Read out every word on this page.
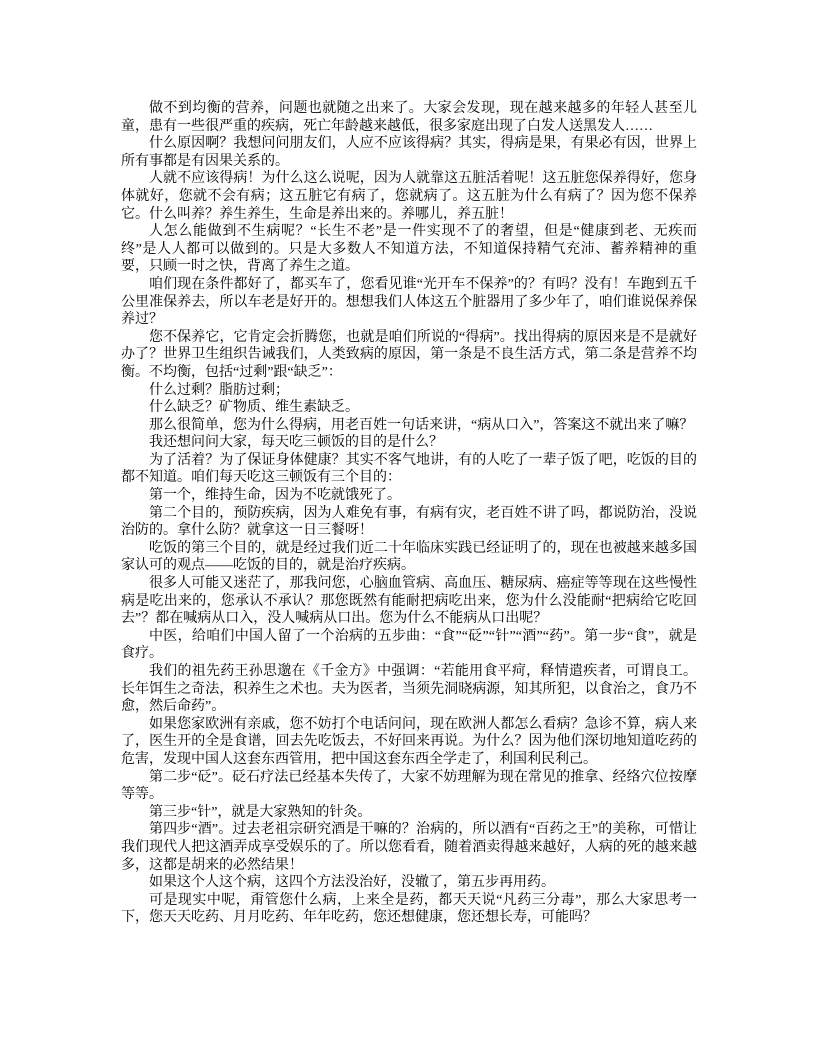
做不到均衡的营养，问题也就随之出来了。大家会发现，现在越来越多的年轻人甚至儿童，患有一些很严重的疾病，死亡年龄越来越低，很多家庭出现了白发人送黑发人……

什么原因啊？我想问问朋友们，人应不应该得病？其实，得病是果，有果必有因，世界上所有事都是有因果关系的。

人就不应该得病！为什么这么说呢，因为人就靠这五脏活着呢！这五脏您保养得好，您身体就好，您就不会有病；这五脏它有病了，您就病了。这五脏为什么有病了？因为您不保养它。什么叫养？养生养生，生命是养出来的。养哪儿，养五脏！

人怎么能做到不生病呢？“长生不老”是一件实现不了的奢望，但是“健康到老、无疾而终”是人人都可以做到的。只是大多数人不知道方法，不知道保持精气充沛、蓄养精神的重要，只顾一时之快，背离了养生之道。

咱们现在条件都好了，都买车了，您看见谁“光开车不保养”的？有吗？没有！车跑到五千公里准保养去，所以车老是好开的。想想我们人体这五个脏器用了多少年了，咱们谁说保养保养过？

您不保养它，它肯定会折腾您，也就是咱们所说的“得病”。找出得病的原因来是不是就好办了？世界卫生组织告诫我们，人类致病的原因，第一条是不良生活方式，第二条是营养不均衡。不均衡，包括“过剩”跟“缺乏”：

什么过剩？脂肪过剩；

什么缺乏？矿物质、维生素缺乏。

那么很简单，您为什么得病，用老百姓一句话来讲，“病从口入”，答案这不就出来了嘛？

我还想问问大家，每天吃三顿饭的目的是什么？

为了活着？为了保证身体健康？其实不客气地讲，有的人吃了一辈子饭了吧，吃饭的目的都不知道。咱们每天吃这三顿饭有三个目的：

第一个，维持生命，因为不吃就饿死了。

第二个目的，预防疾病，因为人难免有事，有病有灾，老百姓不讲了吗，都说防治，没说治防的。拿什么防？就拿这一日三餐呀！

吃饭的第三个目的，就是经过我们近二十年临床实践已经证明了的，现在也被越来越多国家认可的观点——吃饭的目的，就是治疗疾病。

很多人可能又迷茫了，那我问您，心脑血管病、高血压、糖尿病、癌症等等现在这些慢性病是吃出来的，您承认不承认？那您既然有能耐把病吃出来，您为什么没能耐“把病给它吃回去”？都在喊病从口入，没人喊病从口出。您为什么不能病从口出呢？

中医，给咱们中国人留了一个治病的五步曲：“食”“砭”“针”“酒”“药”。第一步“食”，就是食疗。

我们的祖先药王孙思邈在《千金方》中强调：“若能用食平疴，释情遣疾者，可谓良工。长年饵生之奇法，积养生之术也。夫为医者，当须先洞晓病源，知其所犯，以食治之，食乃不愈，然后命药”。

如果您家欧洲有亲戚，您不妨打个电话问问，现在欧洲人都怎么看病？急诊不算，病人来了，医生开的全是食谱，回去先吃饭去，不好回来再说。为什么？因为他们深切地知道吃药的危害，发现中国人这套东西管用，把中国这套东西全学走了，利国利民利己。

第二步“砭”。砭石疗法已经基本失传了，大家不妨理解为现在常见的推拿、经络穴位按摩等等。

第三步“针”，就是大家熟知的针灸。

第四步“酒”。过去老祖宗研究酒是干嘛的？治病的，所以酒有“百药之王”的美称，可惜让我们现代人把这酒弄成享受娱乐的了。所以您看看，随着酒卖得越来越好，人病的死的越来越多，这都是胡来的必然结果！

如果这个人这个病，这四个方法没治好，没辙了，第五步再用药。

可是现实中呢，甭管您什么病，上来全是药，都天天说“凡药三分毒”，那么大家思考一下，您天天吃药、月月吃药、年年吃药，您还想健康，您还想长寿，可能吗？
